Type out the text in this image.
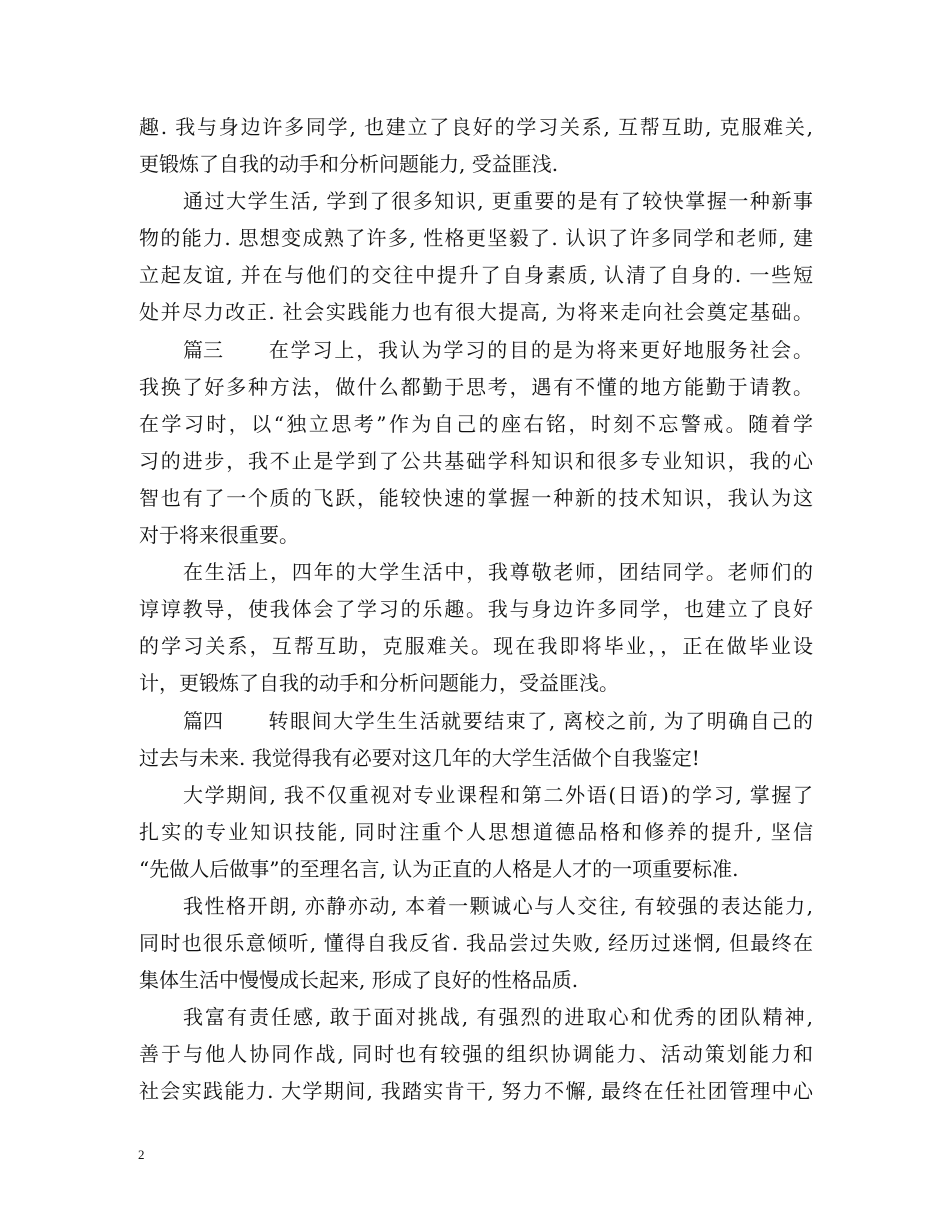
趣. 我与身边许多同学, 也建立了良好的学习关系, 互帮互助, 克服难关,
更锻炼了自我的动手和分析问题能力, 受益匪浅.
通过大学生活, 学到了很多知识, 更重要的是有了较快掌握一种新事
物的能力. 思想变成熟了许多, 性格更坚毅了. 认识了许多同学和老师, 建
立起友谊, 并在与他们的交往中提升了自身素质, 认清了自身的. 一些短
处并尽力改正. 社会实践能力也有很大提高, 为将来走向社会奠定基础。
篇三 在学习上，我认为学习的目的是为将来更好地服务社会。
我换了好多种方法，做什么都勤于思考，遇有不懂的地方能勤于请教。
在学习时，以“独立思考”作为自己的座右铭，时刻不忘警戒。随着学
习的进步，我不止是学到了公共基础学科知识和很多专业知识，我的心
智也有了一个质的飞跃，能较快速的掌握一种新的技术知识，我认为这
对于将来很重要。
在生活上，四年的大学生活中，我尊敬老师，团结同学。老师们的
谆谆教导，使我体会了学习的乐趣。我与身边许多同学，也建立了良好
的学习关系，互帮互助，克服难关。现在我即将毕业，，正在做毕业设
计，更锻炼了自我的动手和分析问题能力，受益匪浅。
篇四 转眼间大学生生活就要结束了, 离校之前, 为了明确自己的
过去与未来. 我觉得我有必要对这几年的大学生活做个自我鉴定!
大学期间, 我不仅重视对专业课程和第二外语(日语)的学习, 掌握了
扎实的专业知识技能, 同时注重个人思想道德品格和修养的提升, 坚信
“先做人后做事”的至理名言, 认为正直的人格是人才的一项重要标准.
我性格开朗, 亦静亦动, 本着一颗诚心与人交往, 有较强的表达能力,
同时也很乐意倾听, 懂得自我反省. 我品尝过失败, 经历过迷惘, 但最终在
集体生活中慢慢成长起来, 形成了良好的性格品质.
我富有责任感, 敢于面对挑战, 有强烈的进取心和优秀的团队精神,
善于与他人协同作战, 同时也有较强的组织协调能力、活动策划能力和
社会实践能力. 大学期间, 我踏实肯干, 努力不懈, 最终在任社团管理中心
2
